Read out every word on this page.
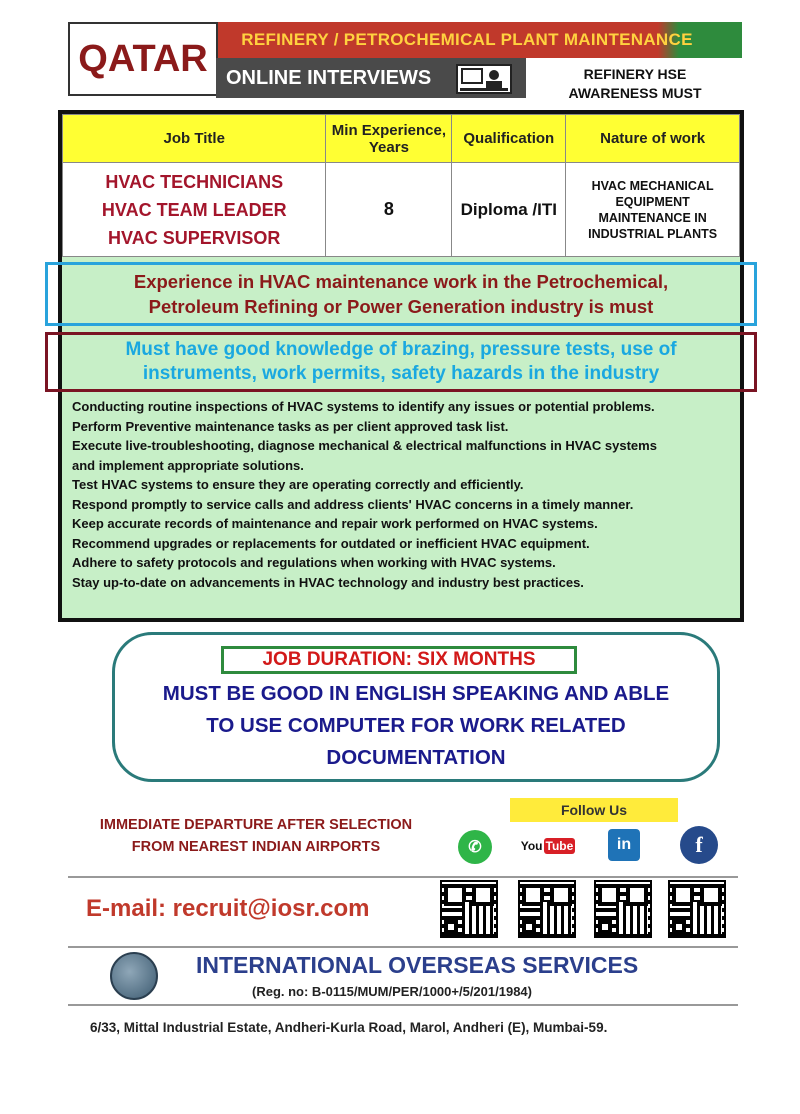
REFINERY / PETROCHEMICAL PLANT MAINTENANCE
QATAR ONLINE INTERVIEWS	REFINERY HSE
AWARENESS MUST
Job Title	Min Experience, Years	Qualification	Nature of work

HVAC TECHNICIANS
HVAC TEAM LEADER
HVAC SUPERVISOR	8	Diploma /ITI	HVAC MECHANICAL EQUIPMENT MAINTENANCE IN INDUSTRIAL PLANTS
Experience in HVAC maintenance work in the Petrochemical,
Petroleum Refining or Power Generation industry is must
Must have good knowledge of brazing, pressure tests, use of
instruments, work permits, safety hazards in the industry
Conducting routine inspections of HVAC systems to identify any issues or potential problems.
Perform Preventive maintenance tasks as per client approved task list.
Execute live-troubleshooting, diagnose mechanical & electrical malfunctions in HVAC systems
and implement appropriate solutions.
Test HVAC systems to ensure they are operating correctly and efficiently.
Respond promptly to service calls and address clients' HVAC concerns in a timely manner.
Keep accurate records of maintenance and repair work performed on HVAC systems.
Recommend upgrades or replacements for outdated or inefficient HVAC equipment.
Adhere to safety protocols and regulations when working with HVAC systems.
Stay up-to-date on advancements in HVAC technology and industry best practices.
JOB DURATION: SIX MONTHS
MUST BE GOOD IN ENGLISH SPEAKING AND ABLE
TO USE COMPUTER FOR WORK RELATED
DOCUMENTATION
IMMEDIATE DEPARTURE AFTER SELECTION
FROM NEAREST INDIAN AIRPORTS
Follow Us
✆	You Tube	in	f
E-mail: recruit@iosr.com
INTERNATIONAL OVERSEAS SERVICES
(Reg. no: B-0115/MUM/PER/1000+/5/201/1984)
6/33, Mittal Industrial Estate, Andheri-Kurla Road, Marol, Andheri (E), Mumbai-59.
